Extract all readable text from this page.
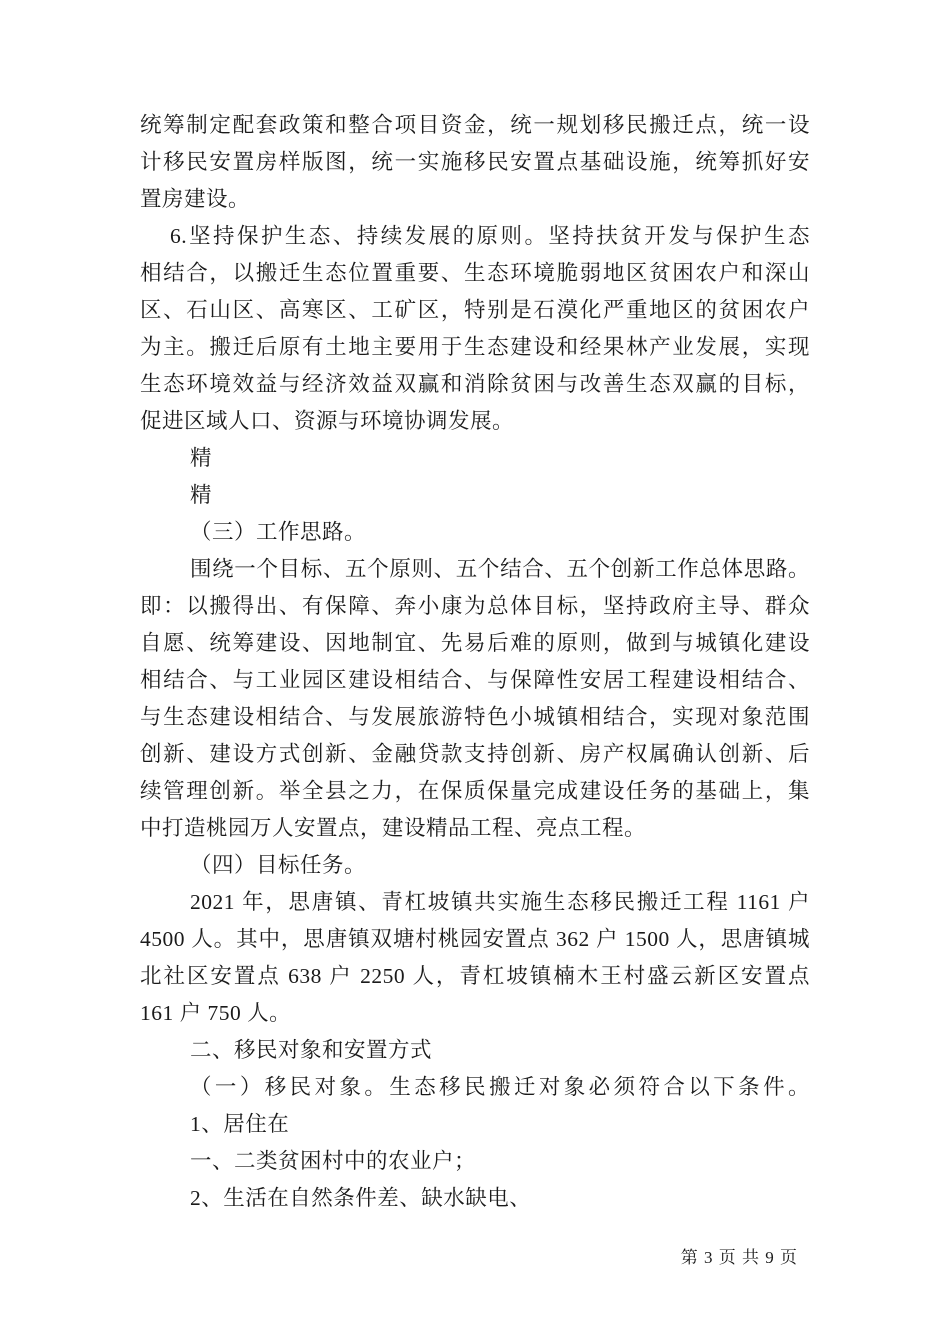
统筹制定配套政策和整合项目资金，统一规划移民搬迁点，统一设
计移民安置房样版图，统一实施移民安置点基础设施，统筹抓好安
置房建设。
6.坚持保护生态、持续发展的原则。坚持扶贫开发与保护生态
相结合，以搬迁生态位置重要、生态环境脆弱地区贫困农户和深山
区、石山区、高寒区、工矿区，特别是石漠化严重地区的贫困农户
为主。搬迁后原有土地主要用于生态建设和经果林产业发展，实现
生态环境效益与经济效益双赢和消除贫困与改善生态双赢的目标，
促进区域人口、资源与环境协调发展。
精
精
（三）工作思路。
围绕一个目标、五个原则、五个结合、五个创新工作总体思路。
即：以搬得出、有保障、奔小康为总体目标，坚持政府主导、群众
自愿、统筹建设、因地制宜、先易后难的原则，做到与城镇化建设
相结合、与工业园区建设相结合、与保障性安居工程建设相结合、
与生态建设相结合、与发展旅游特色小城镇相结合，实现对象范围
创新、建设方式创新、金融贷款支持创新、房产权属确认创新、后
续管理创新。举全县之力，在保质保量完成建设任务的基础上，集
中打造桃园万人安置点，建设精品工程、亮点工程。
（四）目标任务。
2021 年，思唐镇、青杠坡镇共实施生态移民搬迁工程 1161 户
4500 人。其中，思唐镇双塘村桃园安置点 362 户 1500 人，思唐镇城
北社区安置点 638 户 2250 人，青杠坡镇楠木王村盛云新区安置点
161 户 750 人。
二、移民对象和安置方式
（一）移民对象。生态移民搬迁对象必须符合以下条件。
1、居住在
一、二类贫困村中的农业户；
2、生活在自然条件差、缺水缺电、
第 3 页 共 9 页
